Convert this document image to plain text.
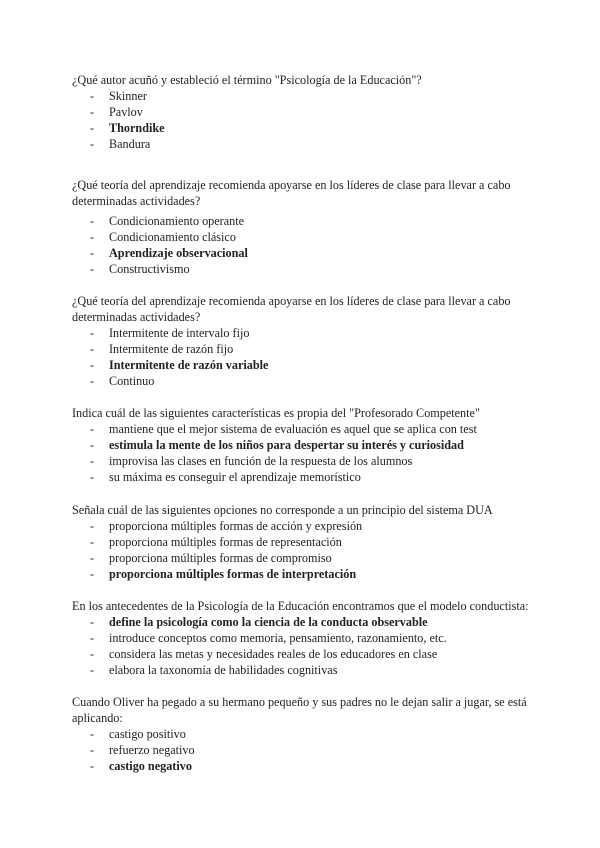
¿Qué autor acuñó y estableció el término "Psicología de la Educación"?

- Skinner
- Pavlov
- Thorndike
- Bandura

¿Qué teoría del aprendizaje recomienda apoyarse en los líderes de clase para llevar a cabo determinadas actividades?

- Condicionamiento operante
- Condicionamiento clásico
- Aprendizaje observacional
- Constructivismo

¿Qué teoría del aprendizaje recomienda apoyarse en los líderes de clase para llevar a cabo determinadas actividades?

- Intermitente de intervalo fijo
- Intermitente de razón fijo
- Intermitente de razón variable
- Continuo

Indica cuál de las siguientes características es propia del "Profesorado Competente"

- mantiene que el mejor sistema de evaluación es aquel que se aplica con test
- estimula la mente de los niños para despertar su interés y curiosidad
- improvisa las clases en función de la respuesta de los alumnos
- su máxima es conseguir el aprendizaje memorístico

Señala cuál de las siguientes opciones no corresponde a un principio del sistema DUA

- proporciona múltiples formas de acción y expresión
- proporciona múltiples formas de representación
- proporciona múltiples formas de compromiso
- proporciona múltiples formas de interpretación

En los antecedentes de la Psicología de la Educación encontramos que el modelo conductista:

- define la psicología como la ciencia de la conducta observable
- introduce conceptos como memoria, pensamiento, razonamiento, etc.
- considera las metas y necesidades reales de los educadores en clase
- elabora la taxonomía de habilidades cognitivas

Cuando Oliver ha pegado a su hermano pequeño y sus padres no le dejan salir a jugar, se está aplicando:

- castigo positivo
- refuerzo negativo
- castigo negativo
